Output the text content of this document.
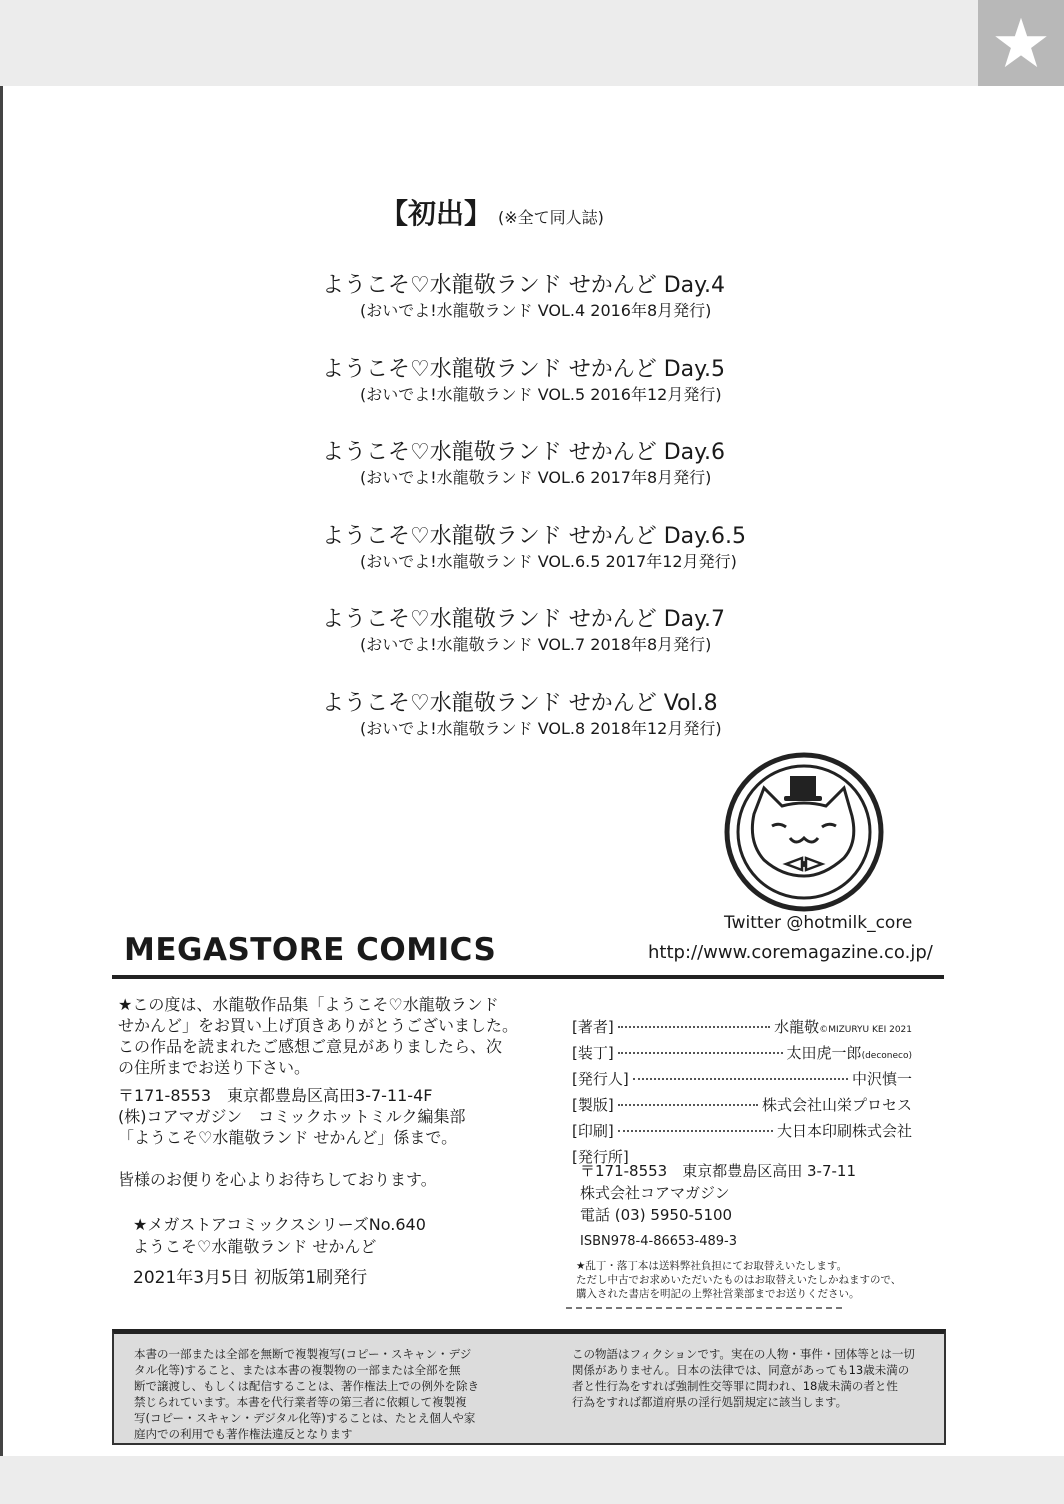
【初出】 (※全て同人誌)
ようこそ♡水龍敬ランド せかんど Day.4
(おいでよ!水龍敬ランド VOL.4 2016年8月発行)
ようこそ♡水龍敬ランド せかんど Day.5
(おいでよ!水龍敬ランド VOL.5 2016年12月発行)
ようこそ♡水龍敬ランド せかんど Day.6
(おいでよ!水龍敬ランド VOL.6 2017年8月発行)
ようこそ♡水龍敬ランド せかんど Day.6.5
(おいでよ!水龍敬ランド VOL.6.5 2017年12月発行)
ようこそ♡水龍敬ランド せかんど Day.7
(おいでよ!水龍敬ランド VOL.7 2018年8月発行)
ようこそ♡水龍敬ランド せかんど Vol.8
(おいでよ!水龍敬ランド VOL.8 2018年12月発行)
Twitter @hotmilk_core
http://www.coremagazine.co.jp/
MEGASTORE COMICS
★この度は、水龍敬作品集「ようこそ♡水龍敬ランド
せかんど」をお買い上げ頂きありがとうございました。
この作品を読まれたご感想ご意見がありましたら、次
の住所までお送り下さい。
〒171-8553　東京都豊島区高田3-7-11-4F
(株)コアマガジン　コミックホットミルク編集部
「ようこそ♡水龍敬ランド せかんど」係まで。
皆様のお便りを心よりお待ちしております。
★メガストアコミックスシリーズNo.640
ようこそ♡水龍敬ランド せかんど
2021年3月5日 初版第1刷発行
[著者]	水龍敬©MIZURYU KEI 2021
[装丁]	太田虎一郎(deconeco)
[発行人]	中沢慎一
[製版]	株式会社山栄プロセス
[印刷]	大日本印刷株式会社
[発行所]
〒171-8553　東京都豊島区高田 3-7-11
株式会社コアマガジン
電話 (03) 5950-5100
ISBN978-4-86653-489-3
★乱丁・落丁本は送料弊社負担にてお取替えいたします。
ただし中古でお求めいただいたものはお取替えいたしかねますので、
購入された書店を明記の上弊社営業部までお送りください。
本書の一部または全部を無断で複製複写(コピー・スキャン・デジ
タル化等)すること、または本書の複製物の一部または全部を無
断で譲渡し、もしくは配信することは、著作権法上での例外を除き
禁じられています。本書を代行業者等の第三者に依頼して複製複
写(コピー・スキャン・デジタル化等)することは、たとえ個人や家
庭内での利用でも著作権法違反となります
この物語はフィクションです。実在の人物・事件・団体等とは一切
関係がありません。日本の法律では、同意があっても13歳未満の
者と性行為をすれば強制性交等罪に問われ、18歳未満の者と性
行為をすれば都道府県の淫行処罰規定に該当します。
